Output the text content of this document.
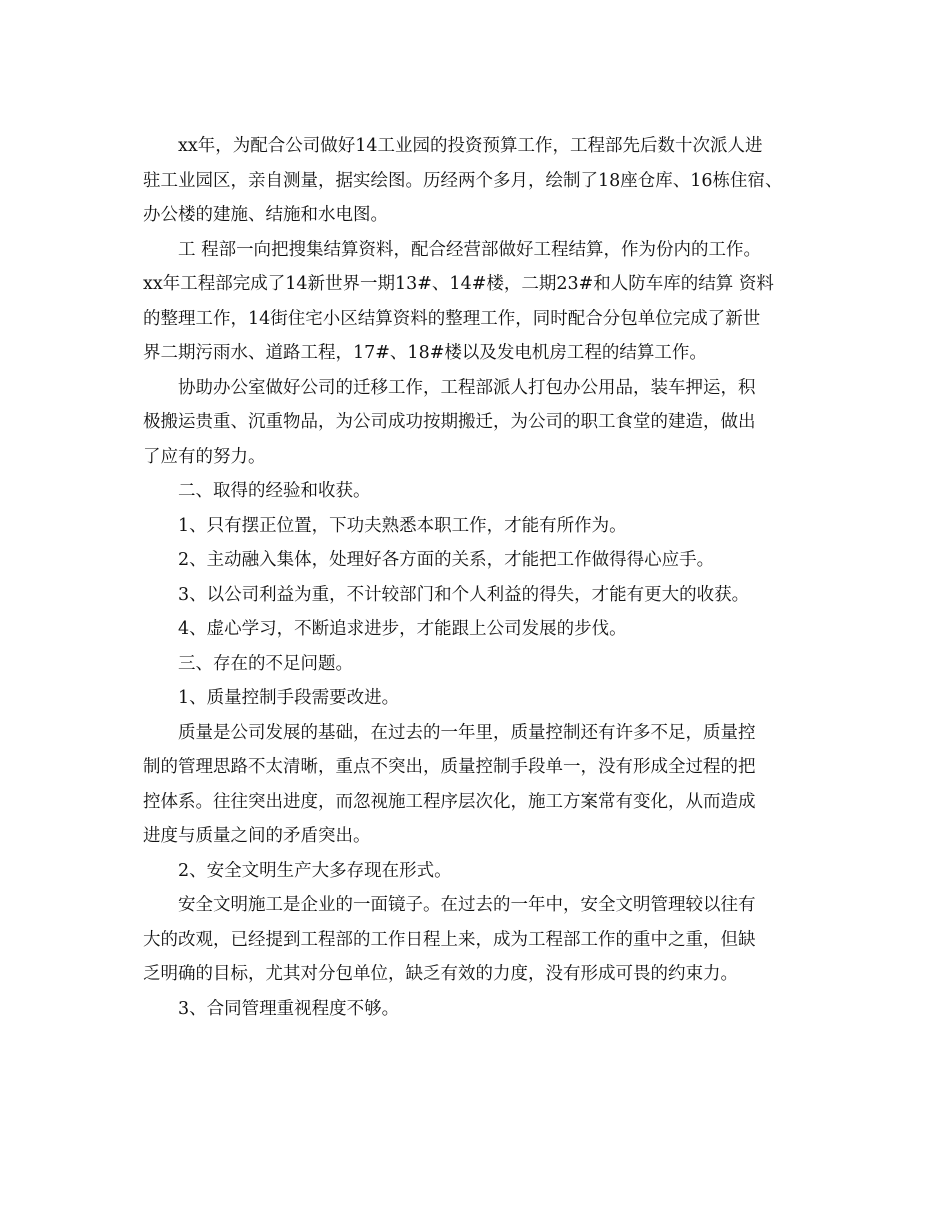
xx年，为配合公司做好14工业园的投资预算工作，工程部先后数十次派人进
驻工业园区，亲自测量，据实绘图。历经两个多月，绘制了18座仓库、16栋住宿、
办公楼的建施、结施和水电图。
工 程部一向把搜集结算资料，配合经营部做好工程结算，作为份内的工作。
xx年工程部完成了14新世界一期13#、14#楼，二期23#和人防车库的结算 资料
的整理工作，14街住宅小区结算资料的整理工作，同时配合分包单位完成了新世
界二期污雨水、道路工程，17#、18#楼以及发电机房工程的结算工作。
协助办公室做好公司的迁移工作，工程部派人打包办公用品，装车押运，积
极搬运贵重、沉重物品，为公司成功按期搬迁，为公司的职工食堂的建造，做出
了应有的努力。
二、取得的经验和收获。
1、只有摆正位置，下功夫熟悉本职工作，才能有所作为。
2、主动融入集体，处理好各方面的关系，才能把工作做得得心应手。
3、以公司利益为重，不计较部门和个人利益的得失，才能有更大的收获。
4、虚心学习，不断追求进步，才能跟上公司发展的步伐。
三、存在的不足问题。
1、质量控制手段需要改进。
质量是公司发展的基础，在过去的一年里，质量控制还有许多不足，质量控
制的管理思路不太清晰，重点不突出，质量控制手段单一，没有形成全过程的把
控体系。往往突出进度，而忽视施工程序层次化，施工方案常有变化，从而造成
进度与质量之间的矛盾突出。
2、安全文明生产大多存现在形式。
安全文明施工是企业的一面镜子。在过去的一年中，安全文明管理较以往有
大的改观，已经提到工程部的工作日程上来，成为工程部工作的重中之重，但缺
乏明确的目标，尤其对分包单位，缺乏有效的力度，没有形成可畏的约束力。
3、合同管理重视程度不够。
